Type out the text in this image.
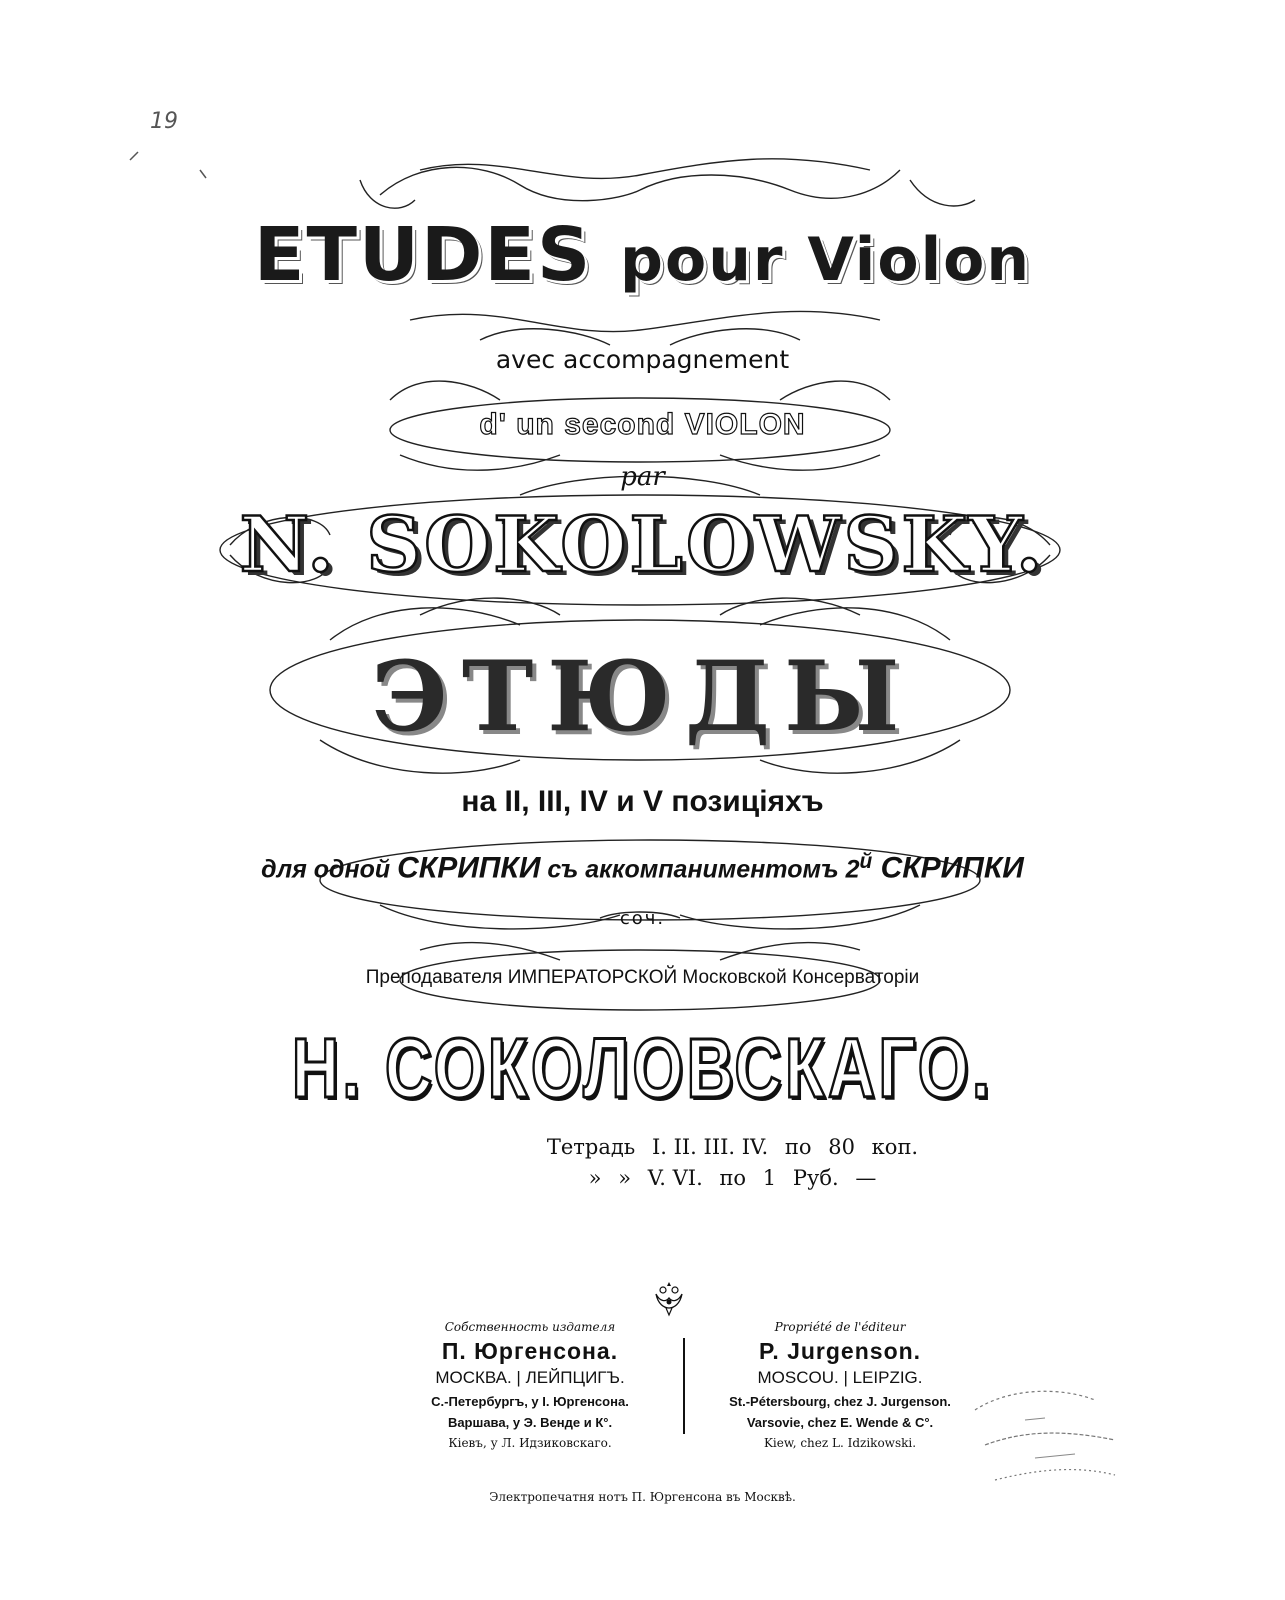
19
ETUDES pour Violon
avec accompagnement
d' un second VIOLON
par
N. SOKOLOWSKY.
ЭТЮДЫ
на II, III, IV и V позиціяхъ
для одной СКРИПКИ съ аккомпаниментомъ $2^й$ СКРИПКИ
соч.
Преподавателя ИМПЕРАТОРСКОЙ Московской Консерваторіи
Н. СОКОЛОВСКАГО.
Тетрадь I. II. III. IV. по 80 коп.
» » V. VI. по 1 Руб. —
Собственность издателя
П. Юргенсона.
МОСКВА. | ЛЕЙПЦИГЪ.
С.-Петербургъ, у I. Юргенсона.
Варшава, у Э. Венде и К°.
Кіевъ, у Л. Идзиковскаго.
Propriété de l'éditeur
P. Jurgenson.
MOSCOU. | LEIPZIG.
St.-Pétersbourg, chez J. Jurgenson.
Varsovie, chez E. Wende & C°.
Kiew, chez L. Idzikowski.
Электропечатня нотъ П. Юргенсона въ Москвѣ.
